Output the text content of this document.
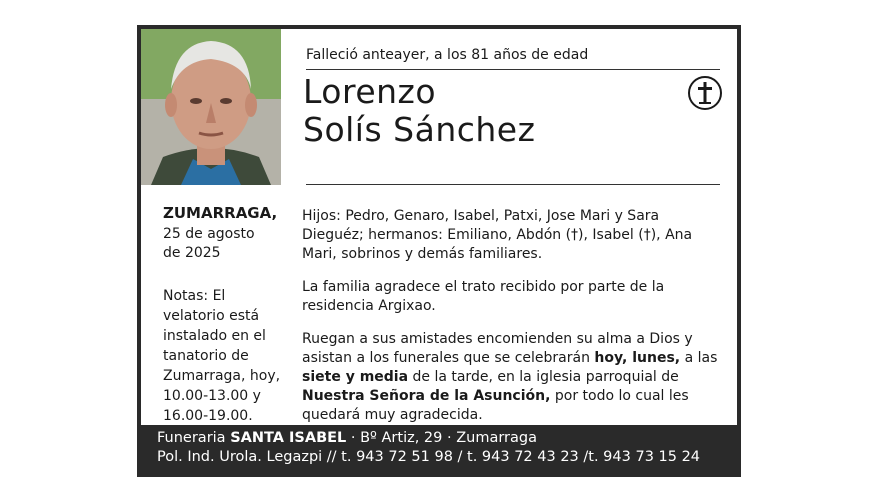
Falleció anteayer, a los 81 años de edad
Lorenzo
Solís Sánchez
ZUMARRAGA,
25 de agosto
de 2025
Notas: El velatorio está instalado en el tanatorio de Zumarraga, hoy, 10.00-13.00 y 16.00-19.00.

Hijos: Pedro, Genaro, Isabel, Patxi, Jose Mari y Sara Dieguéz; hermanos: Emiliano, Abdón (†), Isabel (†), Ana Mari, sobrinos y demás familiares.

La familia agradece el trato recibido por parte de la residencia Argixao.

Ruegan a sus amistades encomienden su alma a Dios y asistan a los funerales que se celebrarán hoy, lunes, a las siete y media de la tarde, en la iglesia parroquial de Nuestra Señora de la Asunción, por todo lo cual les quedará muy agradecida.

Funeraria SANTA ISABEL · Bº Artiz, 29 · Zumarraga
Pol. Ind. Urola. Legazpi // t. 943 72 51 98 / t. 943 72 43 23 /t. 943 73 15 24
